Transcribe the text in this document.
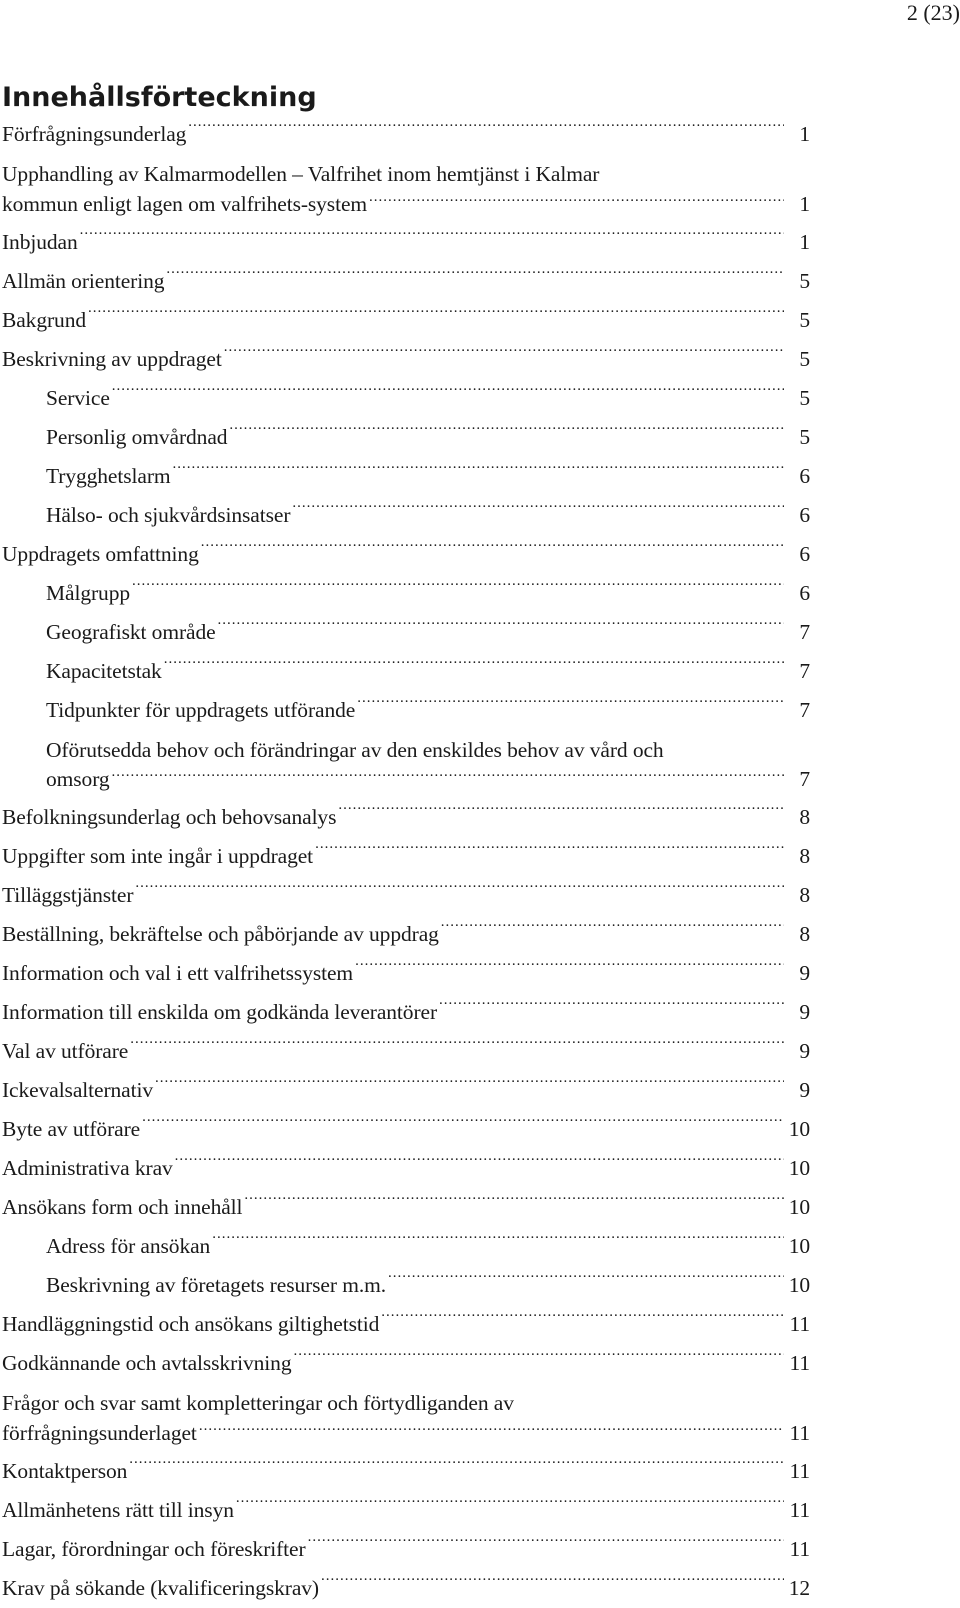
2 (23)
Innehållsförteckning
Förfrågningsunderlag .....	1
Upphandling av Kalmarmodellen – Valfrihet inom hemtjänst i Kalmar
kommun enligt lagen om valfrihets-system .....	1
Inbjudan .....	1
Allmän orientering .....	5
Bakgrund .....	5
Beskrivning av uppdraget .....	5
Service .....	5
Personlig omvårdnad .....	5
Trygghetslarm .....	6
Hälso- och sjukvårdsinsatser .....	6
Uppdragets omfattning .....	6
Målgrupp .....	6
Geografiskt område .....	7
Kapacitetstak .....	7
Tidpunkter för uppdragets utförande .....	7
Oförutsedda behov och förändringar av den enskildes behov av vård och
omsorg .....	7
Befolkningsunderlag och behovsanalys .....	8
Uppgifter som inte ingår i uppdraget .....	8
Tilläggstjänster .....	8
Beställning, bekräftelse och påbörjande av uppdrag .....	8
Information och val i ett valfrihetssystem .....	9
Information till enskilda om godkända leverantörer .....	9
Val av utförare .....	9
Ickevalsalternativ .....	9
Byte av utförare .....	10
Administrativa krav .....	10
Ansökans form och innehåll .....	10
Adress för ansökan .....	10
Beskrivning av företagets resurser m.m. .....	10
Handläggningstid och ansökans giltighetstid .....	11
Godkännande och avtalsskrivning .....	11
Frågor och svar samt kompletteringar och förtydliganden av
förfrågningsunderlaget .....	11
Kontaktperson .....	11
Allmänhetens rätt till insyn .....	11
Lagar, förordningar och föreskrifter .....	11
Krav på sökande (kvalificeringskrav) .....	12
